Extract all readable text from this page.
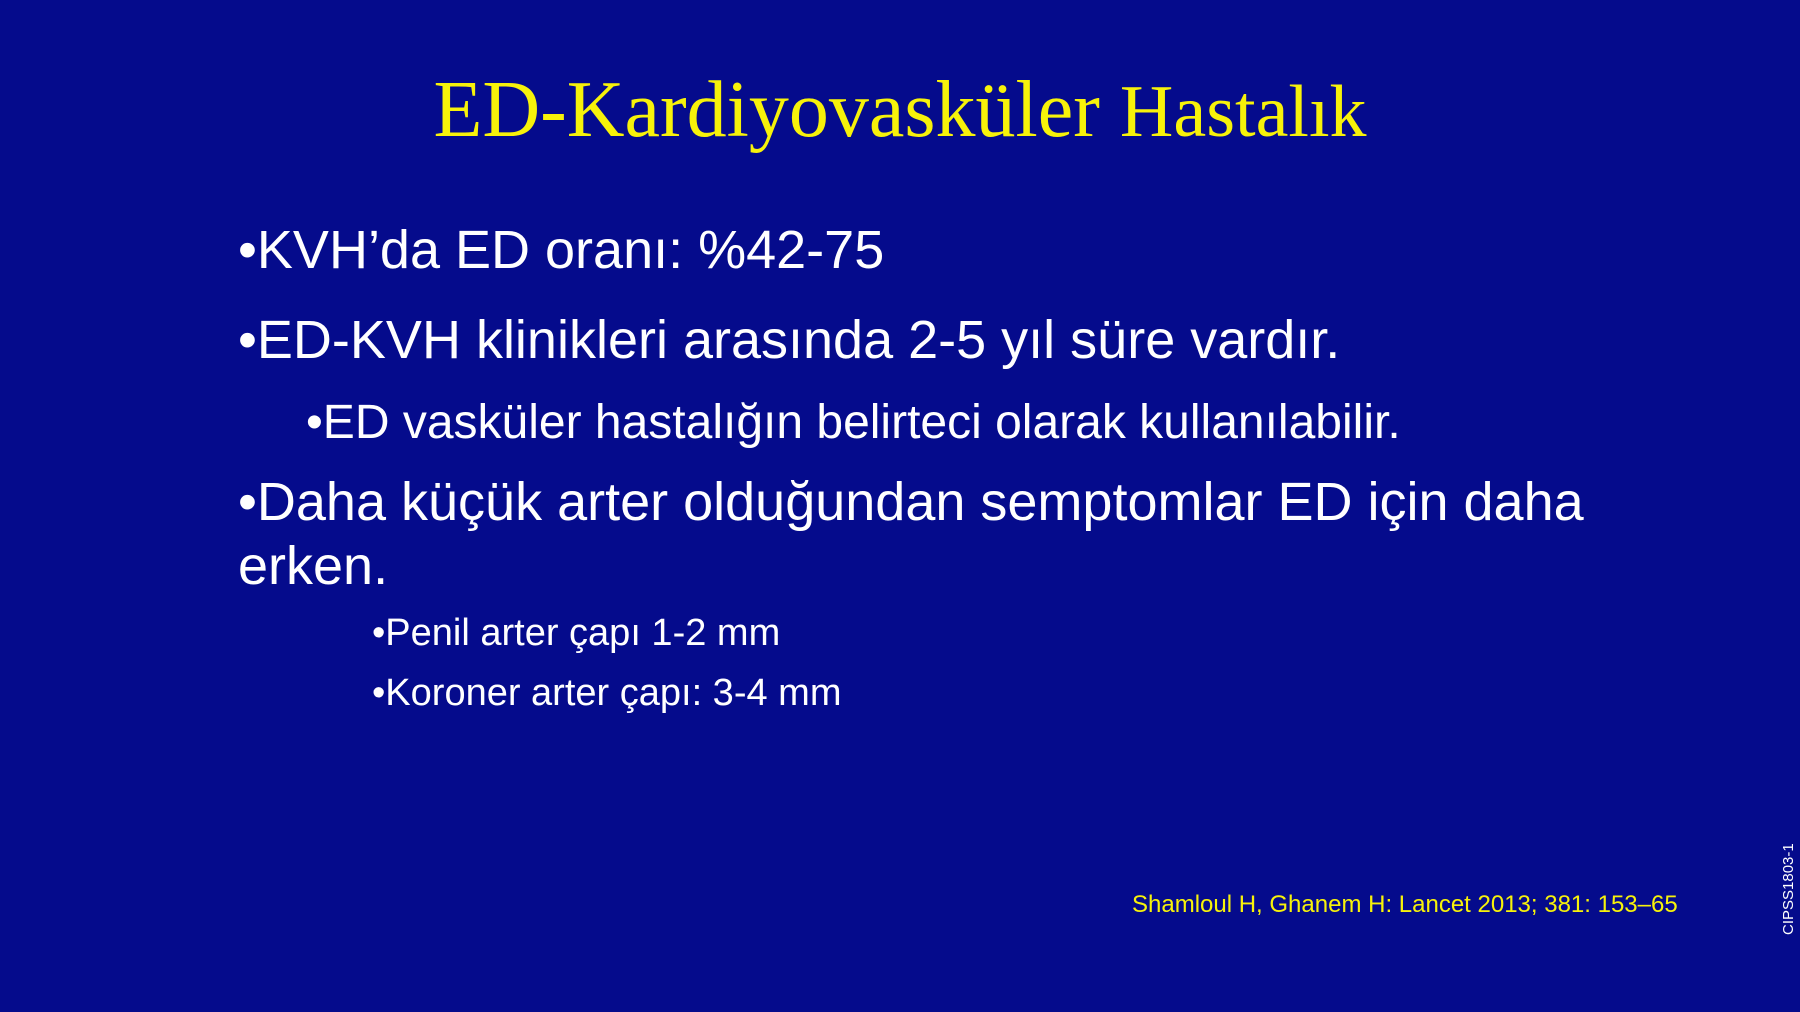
ED-Kardiyovasküler Hastalık
•KVH’da ED oranı: %42-75
•ED-KVH klinikleri arasında 2-5 yıl süre vardır.
•ED vasküler hastalığın belirteci olarak kullanılabilir.
•Daha küçük arter olduğundan semptomlar ED için daha erken.
•Penil arter çapı 1-2 mm
•Koroner arter çapı: 3-4 mm
Shamloul H, Ghanem H: Lancet 2013; 381: 153–65	CIPSS1803-1
